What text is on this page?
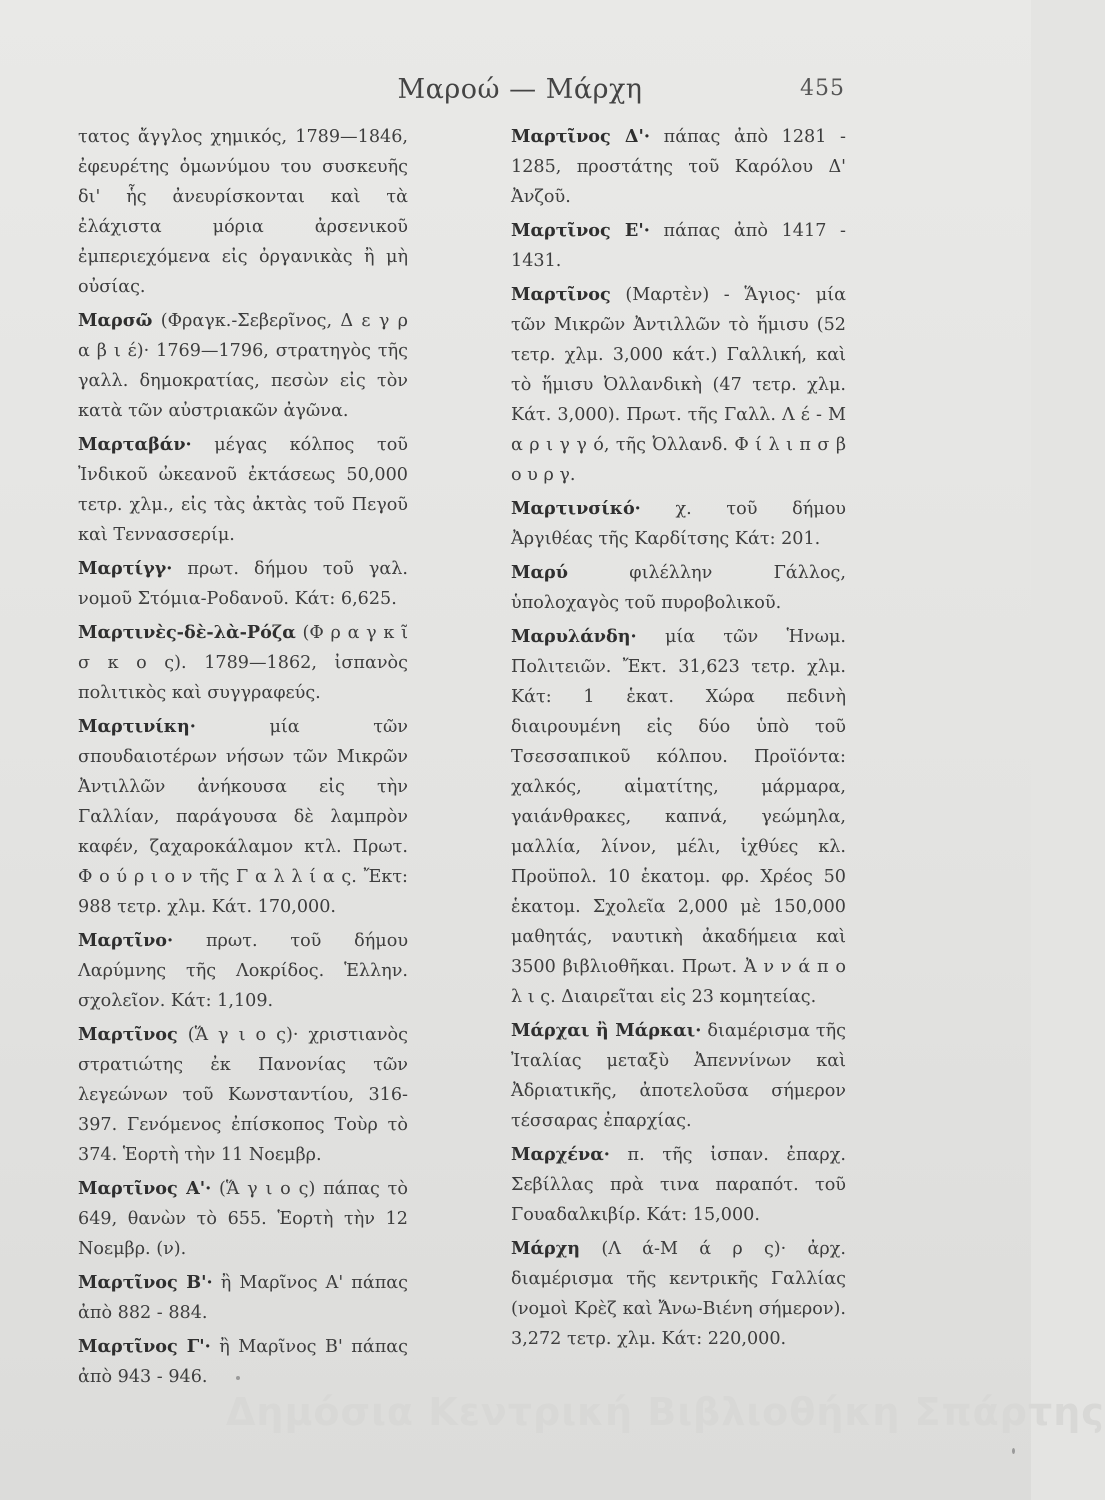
Μαροώ — Μάρχη	455

τατος ἄγγλος χημικός, 1789—1846, ἐφευρέτης ὁμωνύμου του συσκευῆς δι' ἧς ἀνευρίσκονται καὶ τὰ ἐλάχιστα μόρια ἀρσενικοῦ ἐμπεριεχόμενα εἰς ὀργανικὰς ἢ μὴ οὐσίας.

Μαρσῶ (Φραγκ.-Σεβερῖνος, Δ ε γ ρ α β ι έ)· 1769—1796, στρατηγὸς τῆς γαλλ. δημοκρατίας, πεσὼν εἰς τὸν κατὰ τῶν αὐστριακῶν ἀγῶνα.

Μαρταβάν· μέγας κόλπος τοῦ Ἰνδικοῦ ὠκεανοῦ ἐκτάσεως 50,000 τετρ. χλμ., εἰς τὰς ἀκτὰς τοῦ Πεγοῦ καὶ Τεννασσερίμ.

Μαρτίγγ· πρωτ. δήμου τοῦ γαλ. νομοῦ Στόμια-Ροδανοῦ. Κάτ: 6,625.

Μαρτινὲς-δὲ-λὰ-Ρόζα (Φ ρ α γ κ ῖ σ κ ο ς). 1789—1862, ἰσπανὸς πολιτικὸς καὶ συγγραφεύς.

Μαρτινίκη·	μία τῶν σπουδαιοτέρων νήσων τῶν Μικρῶν Ἀντιλλῶν ἀνήκουσα εἰς τὴν Γαλλίαν, παράγουσα δὲ λαμπρὸν καφέν, ζαχαροκάλαμον κτλ. Πρωτ. Φ ο ύ ρ ι ο ν τῆς Γ α λ λ ί α ς. Ἔκτ: 988 τετρ. χλμ. Κάτ. 170,000.

Μαρτῖνο· πρωτ. τοῦ δήμου Λαρύμνης τῆς Λοκρίδος. Ἑλλην. σχολεῖον. Κάτ: 1,109.

Μαρτῖνος (Ἅ γ ι ο ς)· χριστιανὸς στρατιώτης ἐκ Πανονίας τῶν λεγεώνων τοῦ Κωνσταντίου, 316-397. Γενόμενος ἐπίσκοπος Τοὺρ τὸ 374. Ἑορτὴ τὴν 11 Νοεμβρ.

Μαρτῖνος Α'· (Ἅ γ ι ο ς) πάπας τὸ 649, θανὼν τὸ 655. Ἑορτὴ τὴν 12 Νοεμβρ. (ν).

Μαρτῖνος Β'· ἢ Μαρῖνος Α' πάπας ἀπὸ 882 - 884.

Μαρτῖνος Γ'· ἢ Μαρῖνος Β' πάπας ἀπὸ 943 - 946.

Μαρτῖνος Δ'· πάπας ἀπὸ 1281 - 1285, προστάτης τοῦ Καρόλου Δ' Ἀνζοῦ.

Μαρτῖνος Ε'· πάπας ἀπὸ 1417 - 1431.

Μαρτῖνος (Μαρτὲν) - Ἅγιος· μία τῶν Μικρῶν Ἀντιλλῶν τὸ ἥμισυ (52 τετρ. χλμ. 3,000 κάτ.) Γαλλική, καὶ τὸ ἥμισυ Ὀλλανδικὴ (47 τετρ. χλμ. Κάτ. 3,000). Πρωτ. τῆς Γαλλ. Λ έ - Μ α ρ ι γ γ ό, τῆς Ὀλλανδ. Φ ί λ ι π σ β ο υ ρ γ.

Μαρτινσίκό· χ. τοῦ δήμου Ἀργιθέας τῆς Καρδίτσης Κάτ: 201.

Μαρύ	φιλέλλην Γάλλος, ὑπολοχαγὸς τοῦ πυροβολικοῦ.

Μαρυλάνδη· μία τῶν Ἡνωμ. Πολιτειῶν. Ἔκτ. 31,623 τετρ. χλμ. Κάτ: 1 ἑκατ. Χώρα πεδινὴ διαιρουμένη εἰς δύο ὑπὸ τοῦ Τσεσσαπικοῦ κόλπου. Προϊόντα: χαλκός, αἱματίτης, μάρμαρα, γαιάνθρακες, καπνά, γεώμηλα, μαλλία, λίνον, μέλι, ἰχθύες κλ. Προϋπολ. 10 ἑκατομ. φρ. Χρέος 50 ἑκατομ. Σχολεῖα 2,000 μὲ 150,000 μαθητάς, ναυτικὴ ἀκαδήμεια καὶ 3500 βιβλιοθῆκαι. Πρωτ. Ἀ ν ν ά π ο λ ι ς. Διαιρεῖται εἰς 23 κομητείας.

Μάρχαι ἢ Μάρκαι· διαμέρισμα τῆς Ἰταλίας μεταξὺ Ἀπεννίνων καὶ Ἀδριατικῆς, ἀποτελοῦσα σήμερον τέσσαρας ἐπαρχίας.

Μαρχένα· π. τῆς ἰσπαν. ἐπαρχ. Σεβίλλας πρὰ τινα παραπότ. τοῦ Γουαδαλκιβίρ. Κάτ: 15,000.

Μάρχη (Λ ά-Μ ά ρ ς)· ἀρχ. διαμέρισμα τῆς κεντρικῆς Γαλλίας (νοµοὶ Κρὲζ καὶ Ἄνω-Βιένη σήμερον). 3,272 τετρ. χλμ. Κάτ: 220,000.

Δημόσια Κεντρική Βιβλιοθήκη Σπάρτης
